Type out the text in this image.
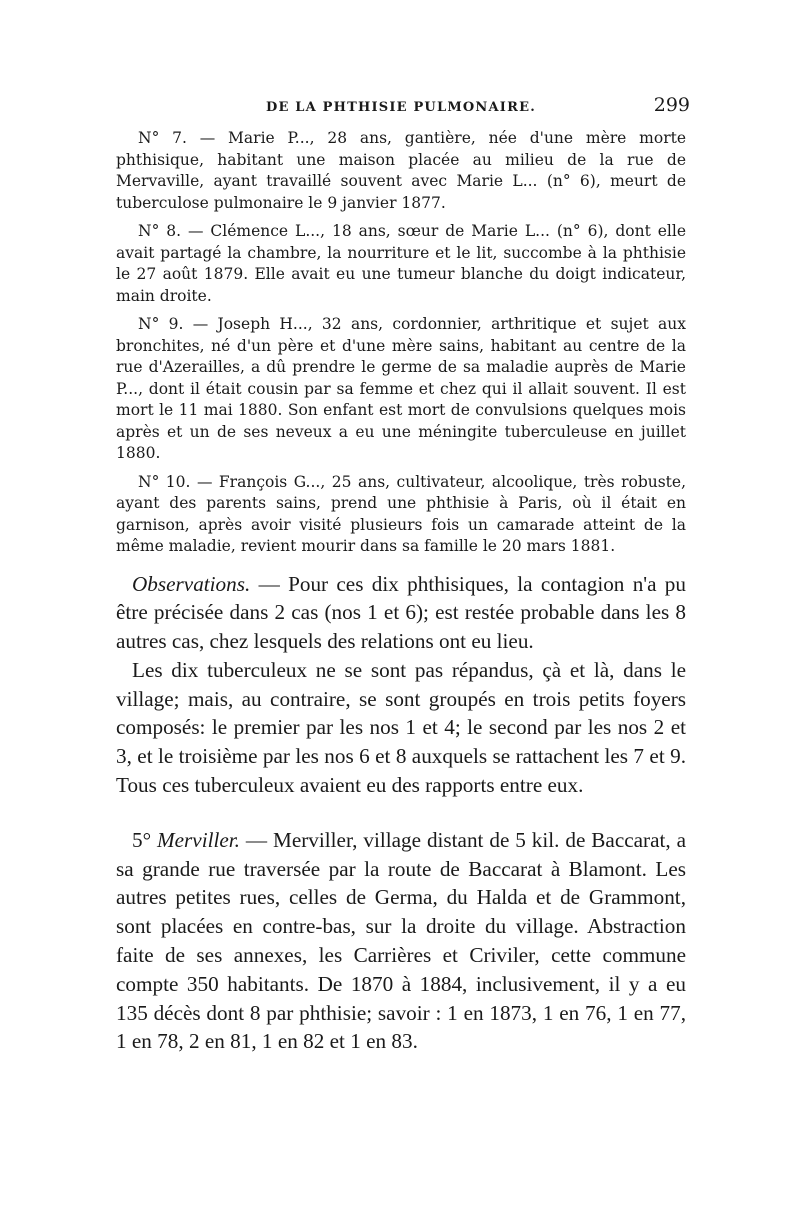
DE LA PHTHISIE PULMONAIRE.	299

N° 7. — Marie P..., 28 ans, gantière, née d'une mère morte phthisique, habitant une maison placée au milieu de la rue de Mervaville, ayant travaillé souvent avec Marie L... (n° 6), meurt de tuberculose pulmonaire le 9 janvier 1877.

N° 8. — Clémence L..., 18 ans, sœur de Marie L... (n° 6), dont elle avait partagé la chambre, la nourriture et le lit, succombe à la phthisie le 27 août 1879. Elle avait eu une tumeur blanche du doigt indicateur, main droite.

N° 9. — Joseph H..., 32 ans, cordonnier, arthritique et sujet aux bronchites, né d'un père et d'une mère sains, habitant au centre de la rue d'Azerailles, a dû prendre le germe de sa maladie auprès de Marie P..., dont il était cousin par sa femme et chez qui il allait souvent. Il est mort le 11 mai 1880. Son enfant est mort de convulsions quelques mois après et un de ses neveux a eu une méningite tuberculeuse en juillet 1880.

N° 10. — François G..., 25 ans, cultivateur, alcoolique, très robuste, ayant des parents sains, prend une phthisie à Paris, où il était en garnison, après avoir visité plusieurs fois un camarade atteint de la même maladie, revient mourir dans sa famille le 20 mars 1881.

Observations. — Pour ces dix phthisiques, la contagion n'a pu être précisée dans 2 cas (nos 1 et 6); est restée probable dans les 8 autres cas, chez lesquels des relations ont eu lieu.

Les dix tuberculeux ne se sont pas répandus, çà et là, dans le village; mais, au contraire, se sont groupés en trois petits foyers composés: le premier par les nos 1 et 4; le second par les nos 2 et 3, et le troisième par les nos 6 et 8 auxquels se rattachent les 7 et 9. Tous ces tuberculeux avaient eu des rapports entre eux.

5° Merviller. — Merviller, village distant de 5 kil. de Baccarat, a sa grande rue traversée par la route de Baccarat à Blamont. Les autres petites rues, celles de Germa, du Halda et de Grammont, sont placées en contre-bas, sur la droite du village. Abstraction faite de ses annexes, les Carrières et Criviler, cette commune compte 350 habitants. De 1870 à 1884, inclusivement, il y a eu 135 décès dont 8 par phthisie; savoir : 1 en 1873, 1 en 76, 1 en 77, 1 en 78, 2 en 81, 1 en 82 et 1 en 83.
